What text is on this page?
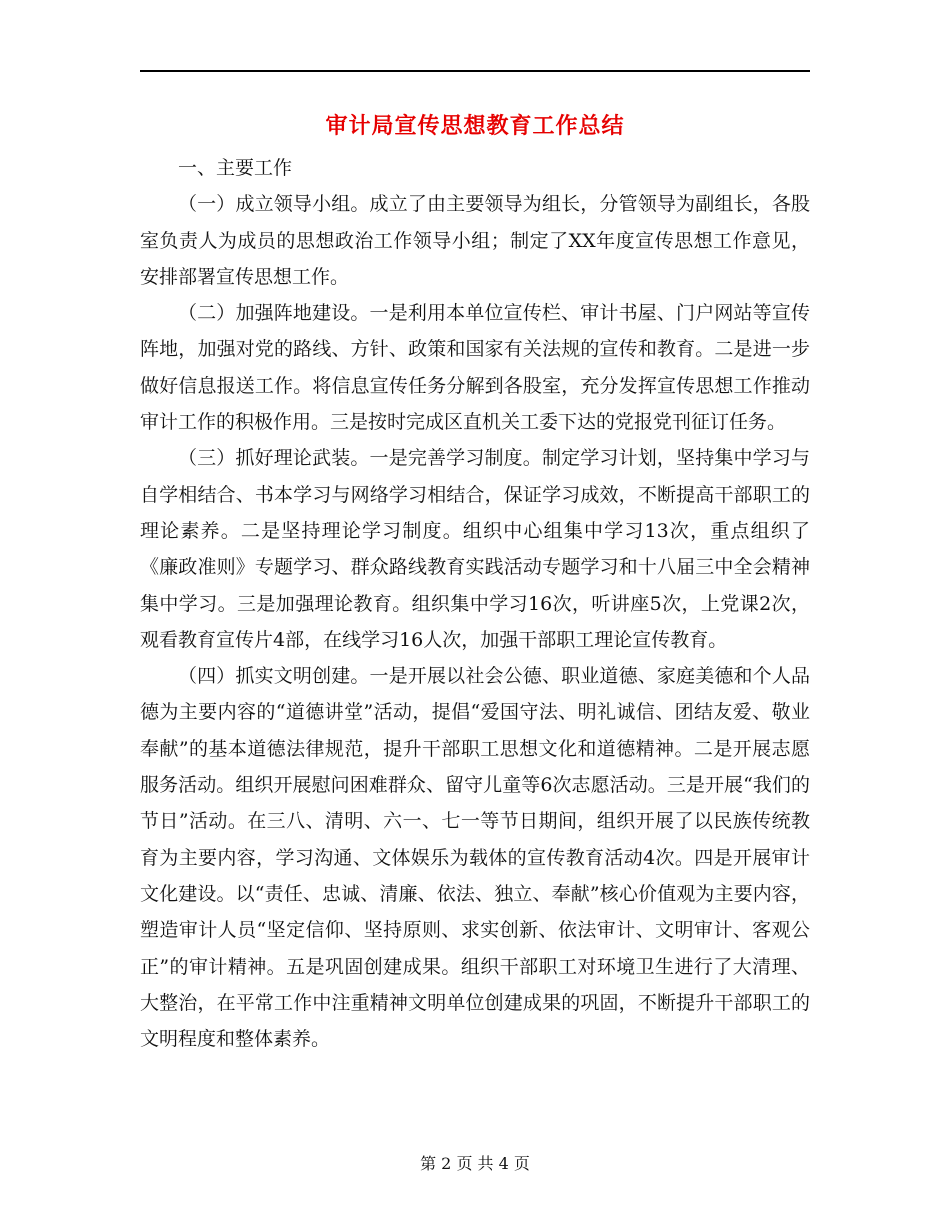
审计局宣传思想教育工作总结

一、主要工作

（一）成立领导小组。成立了由主要领导为组长，分管领导为副组长，各股室负责人为成员的思想政治工作领导小组；制定了XX年度宣传思想工作意见，安排部署宣传思想工作。

（二）加强阵地建设。一是利用本单位宣传栏、审计书屋、门户网站等宣传阵地，加强对党的路线、方针、政策和国家有关法规的宣传和教育。二是进一步做好信息报送工作。将信息宣传任务分解到各股室，充分发挥宣传思想工作推动审计工作的积极作用。三是按时完成区直机关工委下达的党报党刊征订任务。

（三）抓好理论武装。一是完善学习制度。制定学习计划，坚持集中学习与自学相结合、书本学习与网络学习相结合，保证学习成效，不断提高干部职工的理论素养。二是坚持理论学习制度。组织中心组集中学习13次，重点组织了《廉政准则》专题学习、群众路线教育实践活动专题学习和十八届三中全会精神集中学习。三是加强理论教育。组织集中学习16次，听讲座5次，上党课2次，观看教育宣传片4部，在线学习16人次，加强干部职工理论宣传教育。

（四）抓实文明创建。一是开展以社会公德、职业道德、家庭美德和个人品德为主要内容的“道德讲堂”活动，提倡“爱国守法、明礼诚信、团结友爱、敬业奉献”的基本道德法律规范，提升干部职工思想文化和道德精神。二是开展志愿服务活动。组织开展慰问困难群众、留守儿童等6次志愿活动。三是开展“我们的节日”活动。在三八、清明、六一、七一等节日期间，组织开展了以民族传统教育为主要内容，学习沟通、文体娱乐为载体的宣传教育活动4次。四是开展审计文化建设。以“责任、忠诚、清廉、依法、独立、奉献”核心价值观为主要内容，塑造审计人员“坚定信仰、坚持原则、求实创新、依法审计、文明审计、客观公正”的审计精神。五是巩固创建成果。组织干部职工对环境卫生进行了大清理、大整治，在平常工作中注重精神文明单位创建成果的巩固，不断提升干部职工的文明程度和整体素养。

第 2 页 共 4 页
